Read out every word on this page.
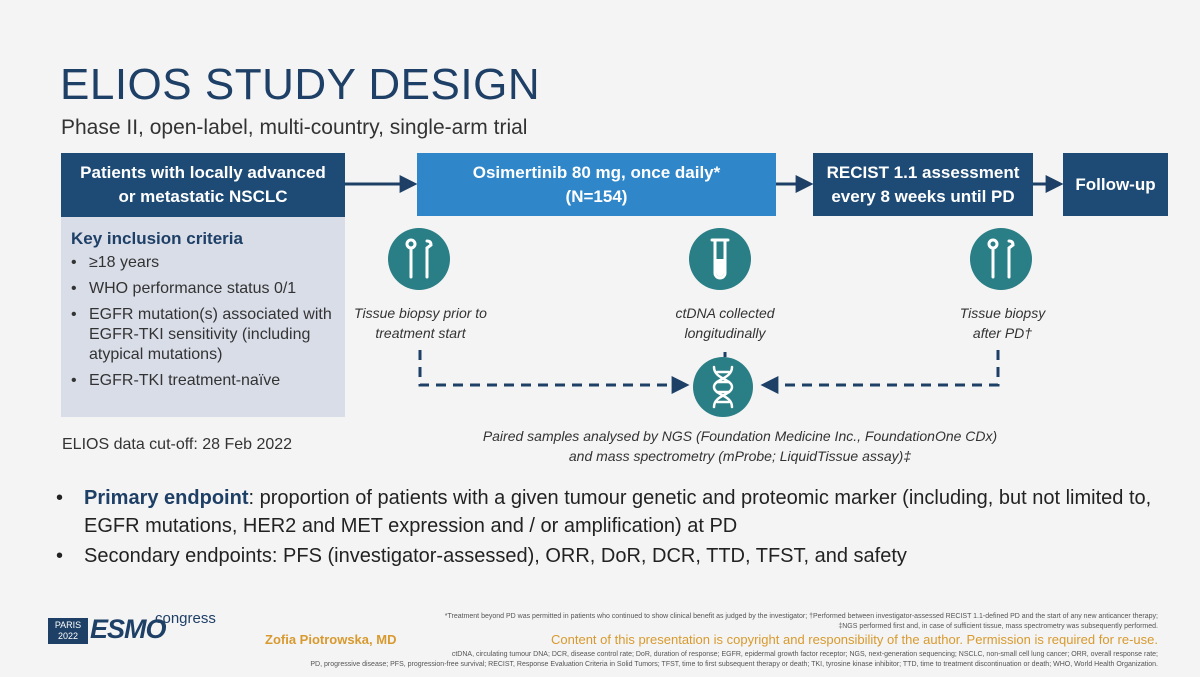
ELIOS STUDY DESIGN
Phase II, open-label, multi-country, single-arm trial
Patients with locally advanced or metastatic NSCLC
Osimertinib 80 mg, once daily*
(N=154)
RECIST 1.1 assessment every 8 weeks until PD
Follow-up
Key inclusion criteria
• ≥18 years
• WHO performance status 0/1
• EGFR mutation(s) associated with EGFR-TKI sensitivity (including atypical mutations)
• EGFR-TKI treatment-naïve
Tissue biopsy prior to treatment start
ctDNA collected longitudinally
Tissue biopsy after PD†
Paired samples analysed by NGS (Foundation Medicine Inc., FoundationOne CDx)
and mass spectrometry (mProbe; LiquidTissue assay)‡
ELIOS data cut-off: 28 Feb 2022
• Primary endpoint: proportion of patients with a given tumour genetic and proteomic marker (including, but not limited to, EGFR mutations, HER2 and MET expression and / or amplification) at PD
• Secondary endpoints: PFS (investigator-assessed), ORR, DoR, DCR, TTD, TFST, and safety
PARIS
2022 ESMO
congress
Zofia Piotrowska, MD
*Treatment beyond PD was permitted in patients who continued to show clinical benefit as judged by the investigator; †Performed between investigator-assessed RECIST 1.1-defined PD and the start of any new anticancer therapy;
‡NGS performed first and, in case of sufficient tissue, mass spectrometry was subsequently performed.
Content of this presentation is copyright and responsibility of the author. Permission is required for re-use.
ctDNA, circulating tumour DNA; DCR, disease control rate; DoR, duration of response; EGFR, epidermal growth factor receptor; NGS, next-generation sequencing; NSCLC, non-small cell lung cancer; ORR, overall response rate;
PD, progressive disease; PFS, progression-free survival; RECIST, Response Evaluation Criteria in Solid Tumors; TFST, time to first subsequent therapy or death; TKI, tyrosine kinase inhibitor; TTD, time to treatment discontinuation or death; WHO, World Health Organization.
